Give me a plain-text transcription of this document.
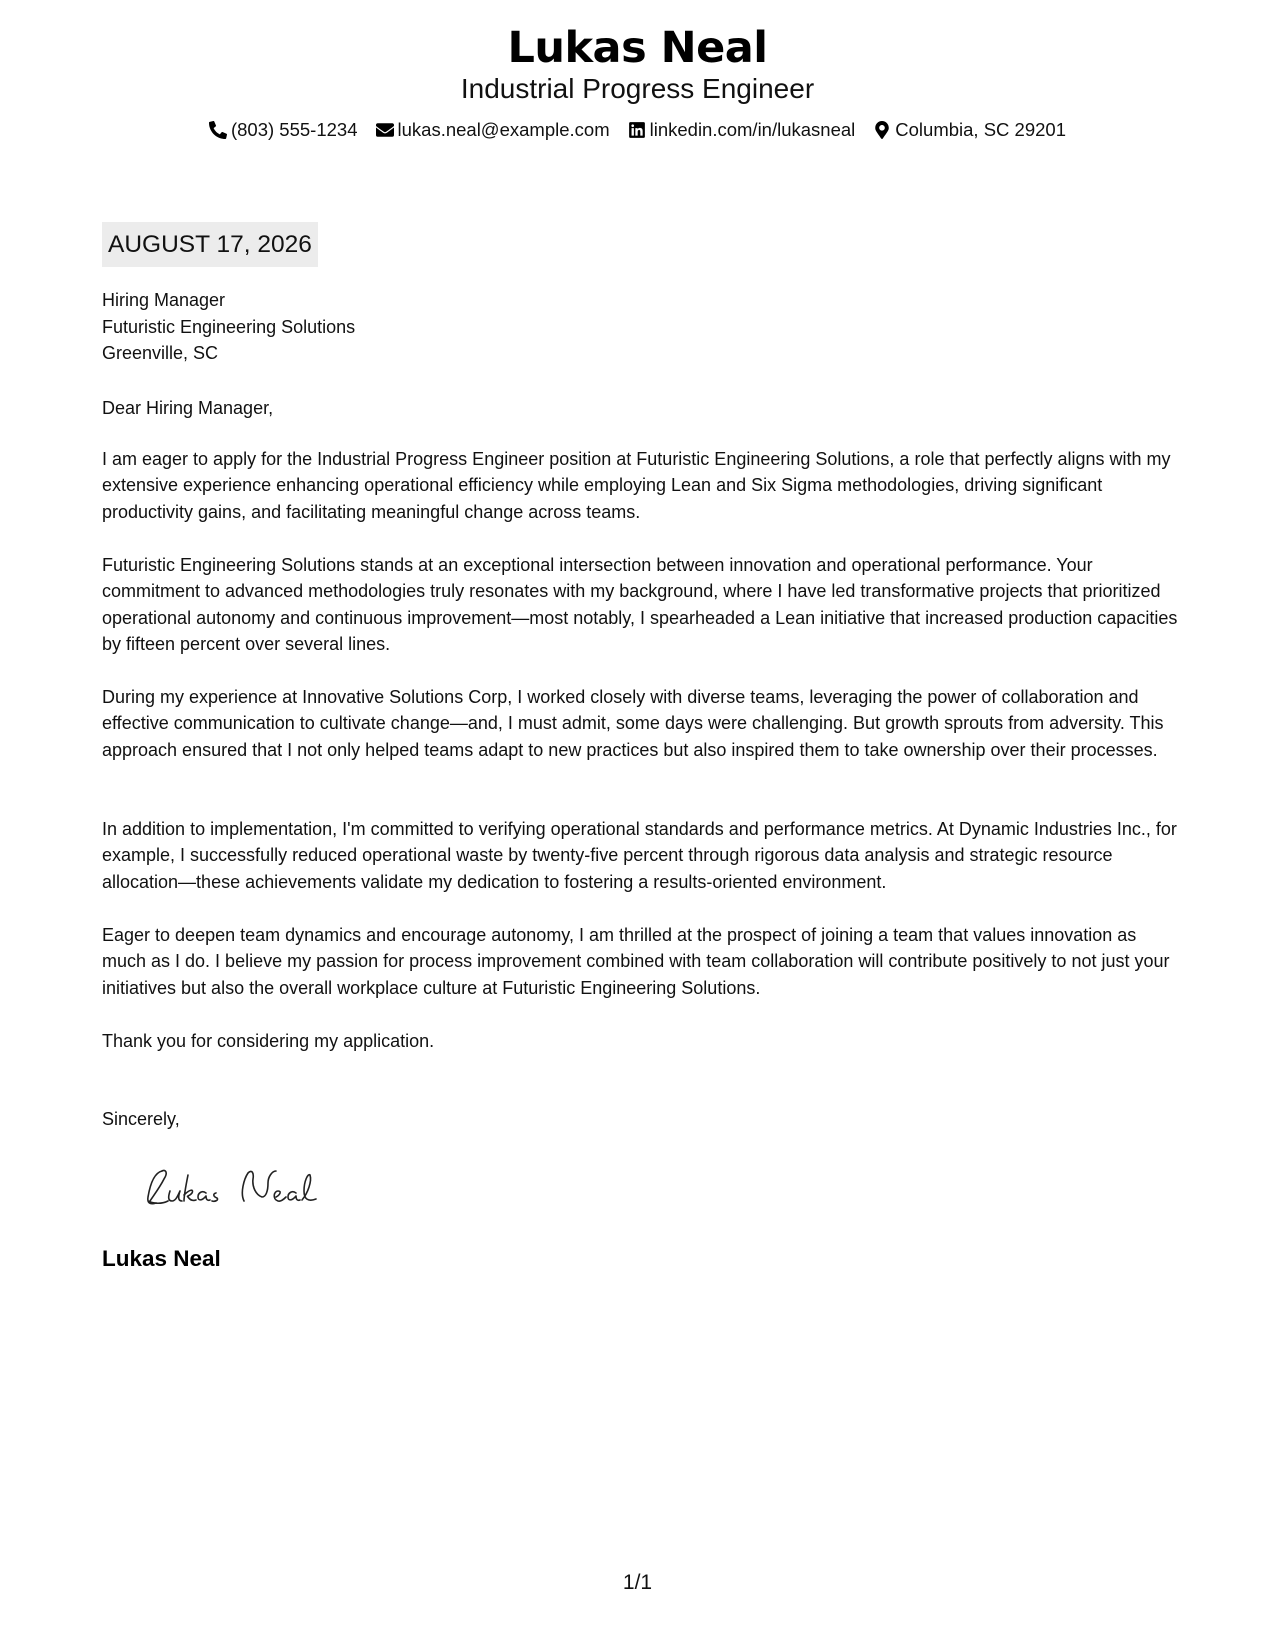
Lukas Neal
Industrial Progress Engineer
(803) 555-1234 lukas.neal@example.com linkedin.com/in/lukasneal Columbia, SC 29201
AUGUST 17, 2026
Hiring Manager
Futuristic Engineering Solutions
Greenville, SC
Dear Hiring Manager,

I am eager to apply for the Industrial Progress Engineer position at Futuristic Engineering Solutions, a role that perfectly aligns with my extensive experience enhancing operational efficiency while employing Lean and Six Sigma methodologies, driving significant productivity gains, and facilitating meaningful change across teams.

Futuristic Engineering Solutions stands at an exceptional intersection between innovation and operational performance. Your commitment to advanced methodologies truly resonates with my background, where I have led transformative projects that prioritized operational autonomy and continuous improvement—most notably, I spearheaded a Lean initiative that increased production capacities by fifteen percent over several lines.

During my experience at Innovative Solutions Corp, I worked closely with diverse teams, leveraging the power of collaboration and effective communication to cultivate change—and, I must admit, some days were challenging. But growth sprouts from adversity. This approach ensured that I not only helped teams adapt to new practices but also inspired them to take ownership over their processes.

In addition to implementation, I'm committed to verifying operational standards and performance metrics. At Dynamic Industries Inc., for example, I successfully reduced operational waste by twenty-five percent through rigorous data analysis and strategic resource allocation—these achievements validate my dedication to fostering a results-oriented environment.

Eager to deepen team dynamics and encourage autonomy, I am thrilled at the prospect of joining a team that values innovation as much as I do. I believe my passion for process improvement combined with team collaboration will contribute positively to not just your initiatives but also the overall workplace culture at Futuristic Engineering Solutions.

Thank you for considering my application.

Sincerely,
Lukas Neal
1/1
